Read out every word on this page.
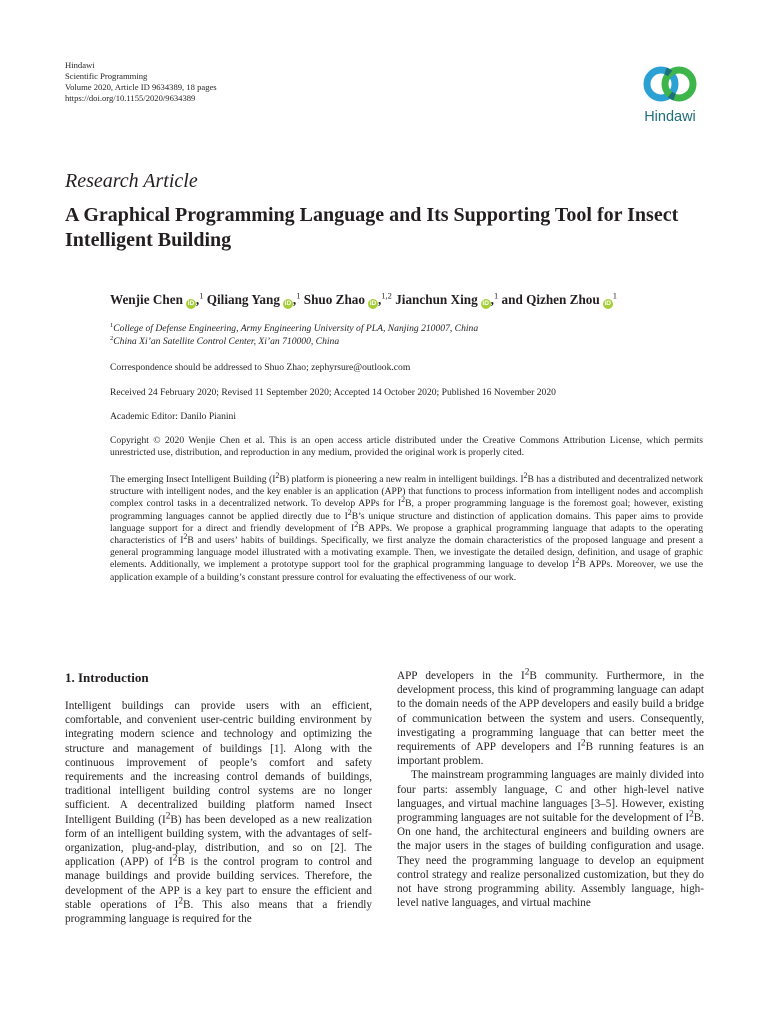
Hindawi
Scientific Programming
Volume 2020, Article ID 9634389, 18 pages
https://doi.org/10.1155/2020/9634389
Hindawi
Research Article
A Graphical Programming Language and Its Supporting Tool for Insect Intelligent Building
Wenjie Chen iD ,$^1$ Qiliang Yang iD ,$^1$ Shuo Zhao iD ,$^{1,2}$ Jianchun Xing iD ,$^1$ and Qizhen Zhou $iD^1$
$^1$College of Defense Engineering, Army Engineering University of PLA, Nanjing 210007, China
$^2$China Xi’an Satellite Control Center, Xi’an 710000, China
Correspondence should be addressed to Shuo Zhao; zephyrsure@outlook.com
Received 24 February 2020; Revised 11 September 2020; Accepted 14 October 2020; Published 16 November 2020
Academic Editor: Danilo Pianini
Copyright © 2020 Wenjie Chen et al. This is an open access article distributed under the Creative Commons Attribution License, which permits unrestricted use, distribution, and reproduction in any medium, provided the original work is properly cited.
The emerging Insect Intelligent Building $(I^2B)$ platform is pioneering a new realm in intelligent buildings. $I^2B$ has a distributed and decentralized network structure with intelligent nodes, and the key enabler is an application (APP) that functions to process information from intelligent nodes and accomplish complex control tasks in a decentralized network. To develop APPs for $I^2B$, a proper programming language is the foremost goal; however, existing programming languages cannot be applied directly due to $I^2B’s$ unique structure and distinction of application domains. This paper aims to provide language support for a direct and friendly development of $I^2B$ APPs. We propose a graphical programming language that adapts to the operating characteristics of $I^2B$ and users’ habits of buildings. Specifically, we first analyze the domain characteristics of the proposed language and present a general programming language model illustrated with a motivating example. Then, we investigate the detailed design, definition, and usage of graphic elements. Additionally, we implement a prototype support tool for the graphical programming language to develop $I^2B$ APPs. Moreover, we use the application example of a building’s constant pressure control for evaluating the effectiveness of our work.
1. Introduction

Intelligent buildings can provide users with an efficient, comfortable, and convenient user-centric building environment by integrating modern science and technology and optimizing the structure and management of buildings [1]. Along with the continuous improvement of people’s comfort and safety requirements and the increasing control demands of buildings, traditional intelligent building control systems are no longer sufficient. A decentralized building platform named Insect Intelligent Building $(I^2B)$ has been developed as a new realization form of an intelligent building system, with the advantages of self-organization, plug-and-play, distribution, and so on [2]. The application (APP) of $I^2B$ is the control program to control and manage buildings and provide building services. Therefore, the development of the APP is a key part to ensure the efficient and stable operations of $I^2B$. This also means that a friendly programming language is required for the

APP developers in the $I^2B$ community. Furthermore, in the development process, this kind of programming language can adapt to the domain needs of the APP developers and easily build a bridge of communication between the system and users. Consequently, investigating a programming language that can better meet the requirements of APP developers and $I^2B$ running features is an important problem.

The mainstream programming languages are mainly divided into four parts: assembly language, C and other high-level native languages, and virtual machine languages [3–5]. However, existing programming languages are not suitable for the development of $I^2B$. On one hand, the architectural engineers and building owners are the major users in the stages of building configuration and usage. They need the programming language to develop an equipment control strategy and realize personalized customization, but they do not have strong programming ability. Assembly language, high-level native languages, and virtual machine
